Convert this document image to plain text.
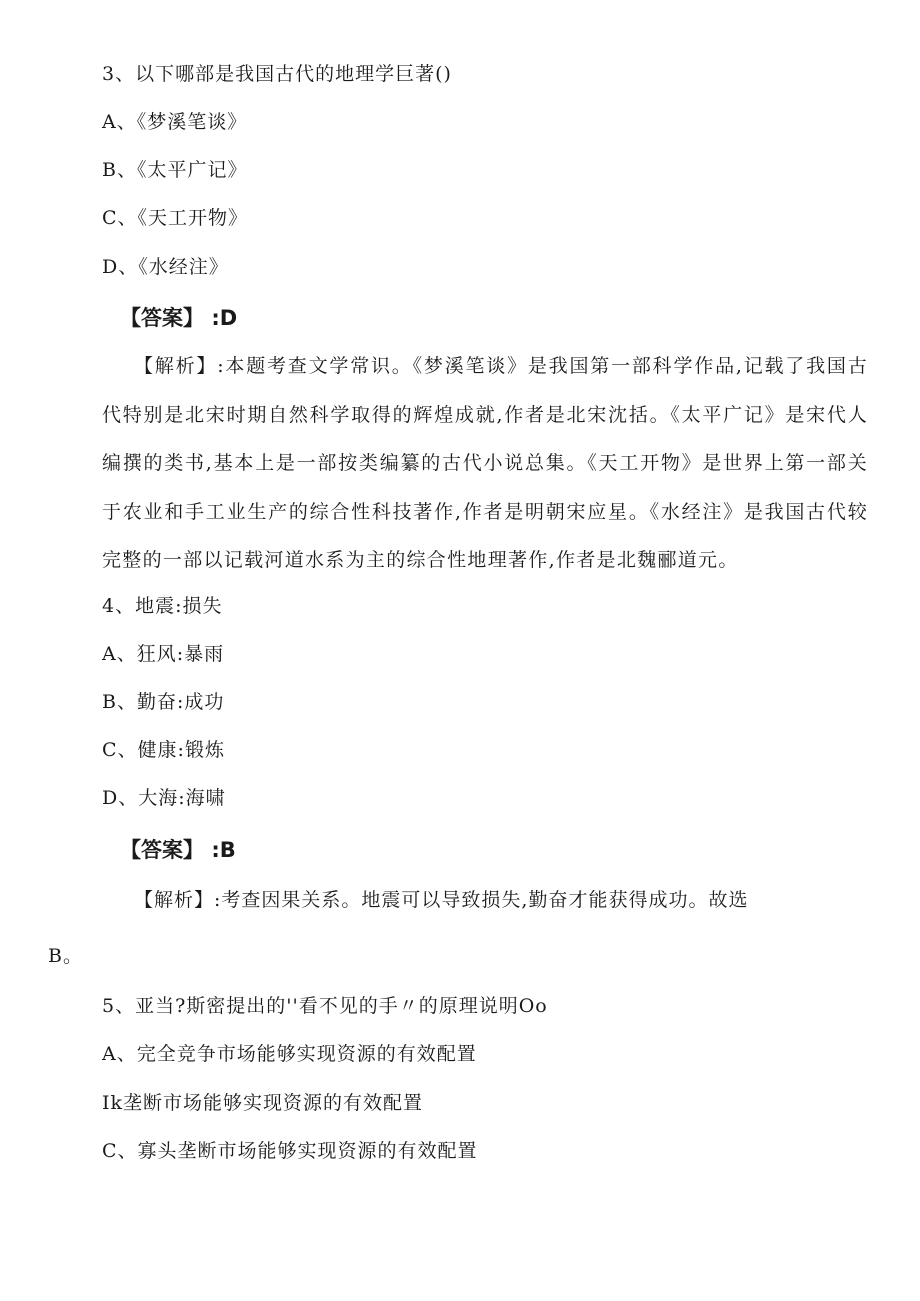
3、以下哪部是我国古代的地理学巨著()
A、《梦溪笔谈》
B、《太平广记》
C、《天工开物》
D、《水经注》
【答案】 :D

【解析】:本题考查文学常识。《梦溪笔谈》是我国第一部科学作品,记载了我国古代特别是北宋时期自然科学取得的辉煌成就,作者是北宋沈括。《太平广记》是宋代人编撰的类书,基本上是一部按类编纂的古代小说总集。《天工开物》是世界上第一部关于农业和手工业生产的综合性科技著作,作者是明朝宋应星。《水经注》是我国古代较完整的一部以记载河道水系为主的综合性地理著作,作者是北魏郦道元。

4、地震:损失
A、狂风:暴雨
B、勤奋:成功
C、健康:锻炼
D、大海:海啸
【答案】 :B
【解析】:考查因果关系。地震可以导致损失,勤奋才能获得成功。故选
B。
5、亚当?斯密提出的''看不见的手〃的原理说明Oo
A、完全竞争市场能够实现资源的有效配置
Ik垄断市场能够实现资源的有效配置
C、寡头垄断市场能够实现资源的有效配置
